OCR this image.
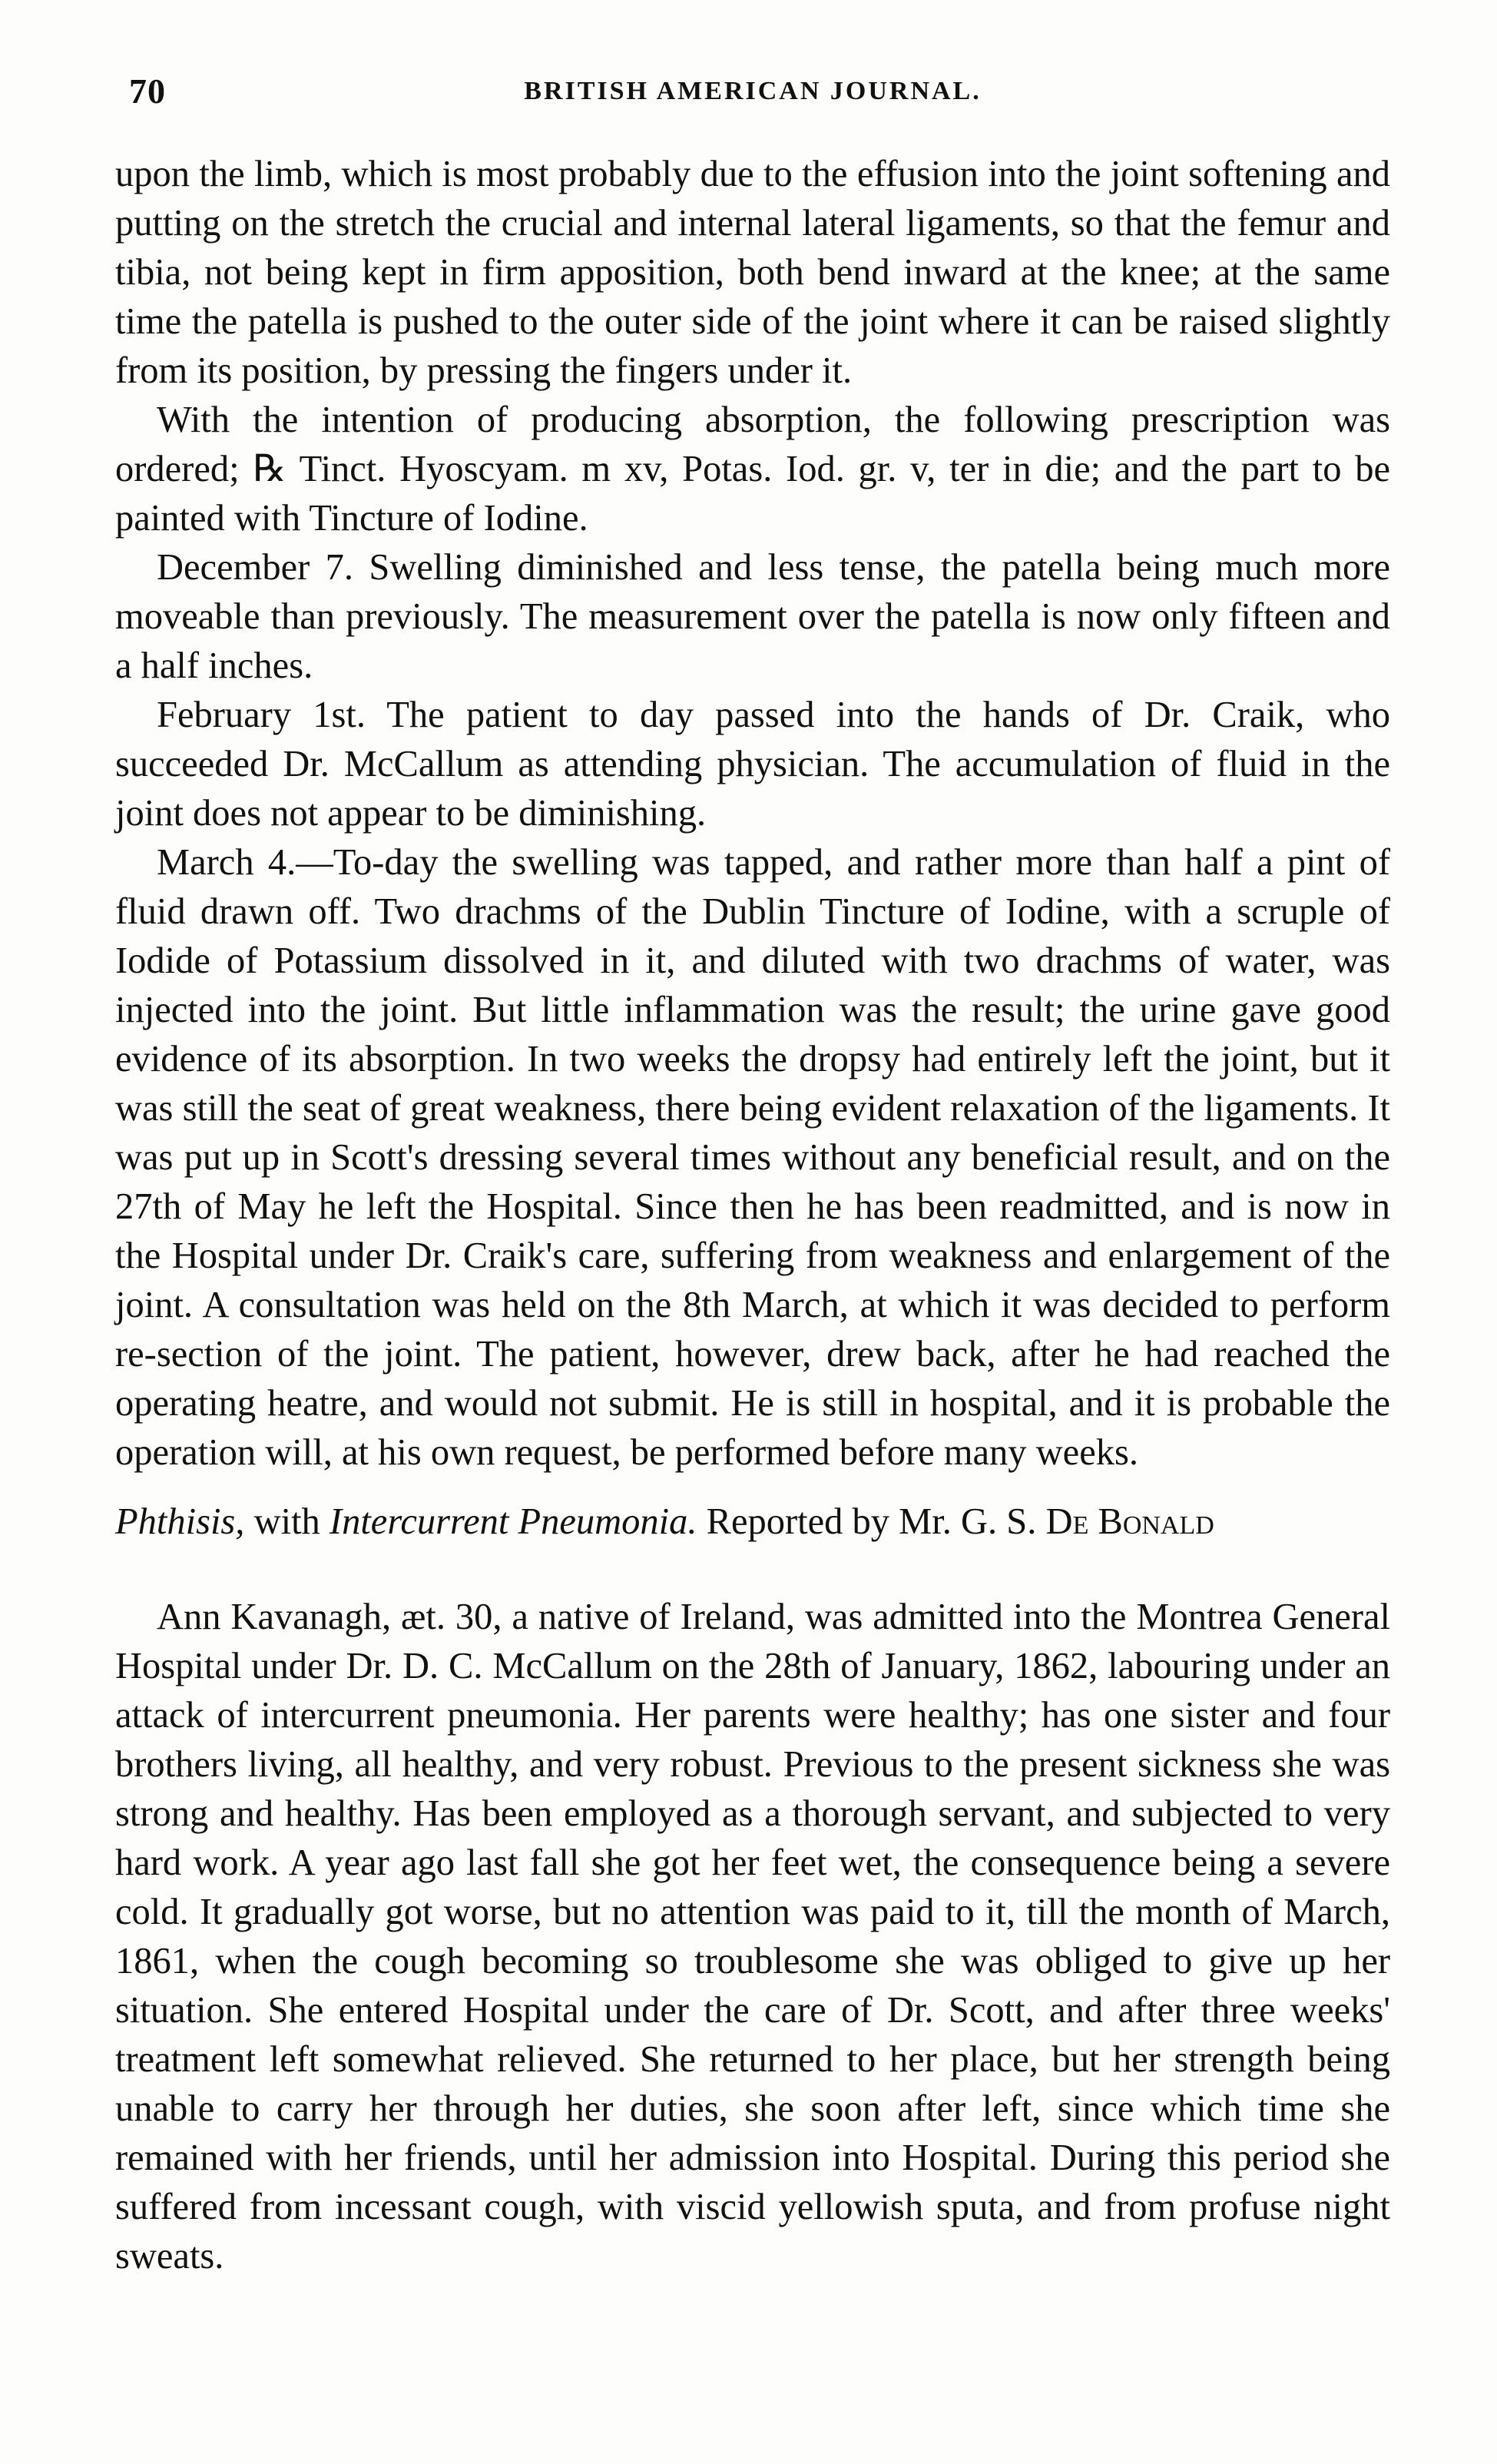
70	BRITISH AMERICAN JOURNAL.

upon the limb, which is most probably due to the effusion into the joint softening and putting on the stretch the crucial and internal lateral ligaments, so that the femur and tibia, not being kept in firm apposition, both bend inward at the knee; at the same time the patella is pushed to the outer side of the joint where it can be raised slightly from its position, by pressing the fingers under it.

With the intention of producing absorption, the following prescription was ordered; ℞ Tinct. Hyoscyam. m xv, Potas. Iod. gr. v, ter in die; and the part to be painted with Tincture of Iodine.

December 7. Swelling diminished and less tense, the patella being much more moveable than previously. The measurement over the patella is now only fifteen and a half inches.

February 1st. The patient to day passed into the hands of Dr. Craik, who succeeded Dr. McCallum as attending physician. The accumulation of fluid in the joint does not appear to be diminishing.

March 4.—To-day the swelling was tapped, and rather more than half a pint of fluid drawn off. Two drachms of the Dublin Tincture of Iodine, with a scruple of Iodide of Potassium dissolved in it, and diluted with two drachms of water, was injected into the joint. But little inflammation was the result; the urine gave good evidence of its absorption. In two weeks the dropsy had entirely left the joint, but it was still the seat of great weakness, there being evident relaxation of the ligaments. It was put up in Scott's dressing several times without any beneficial result, and on the 27th of May he left the Hospital. Since then he has been readmitted, and is now in the Hospital under Dr. Craik's care, suffering from weakness and enlargement of the joint. A consultation was held on the 8th March, at which it was decided to perform re-section of the joint. The patient, however, drew back, after he had reached the operating heatre, and would not submit. He is still in hospital, and it is probable the operation will, at his own request, be performed before many weeks.

Phthisis, with Intercurrent Pneumonia. Reported by Mr. G. S. De Bonald

Ann Kavanagh, æt. 30, a native of Ireland, was admitted into the Montrea General Hospital under Dr. D. C. McCallum on the 28th of January, 1862, labouring under an attack of intercurrent pneumonia. Her parents were healthy; has one sister and four brothers living, all healthy, and very robust. Previous to the present sickness she was strong and healthy. Has been employed as a thorough servant, and subjected to very hard work. A year ago last fall she got her feet wet, the consequence being a severe cold. It gradually got worse, but no attention was paid to it, till the month of March, 1861, when the cough becoming so troublesome she was obliged to give up her situation. She entered Hospital under the care of Dr. Scott, and after three weeks' treatment left somewhat relieved. She returned to her place, but her strength being unable to carry her through her duties, she soon after left, since which time she remained with her friends, until her admission into Hospital. During this period she suffered from incessant cough, with viscid yellowish sputa, and from profuse night sweats.
